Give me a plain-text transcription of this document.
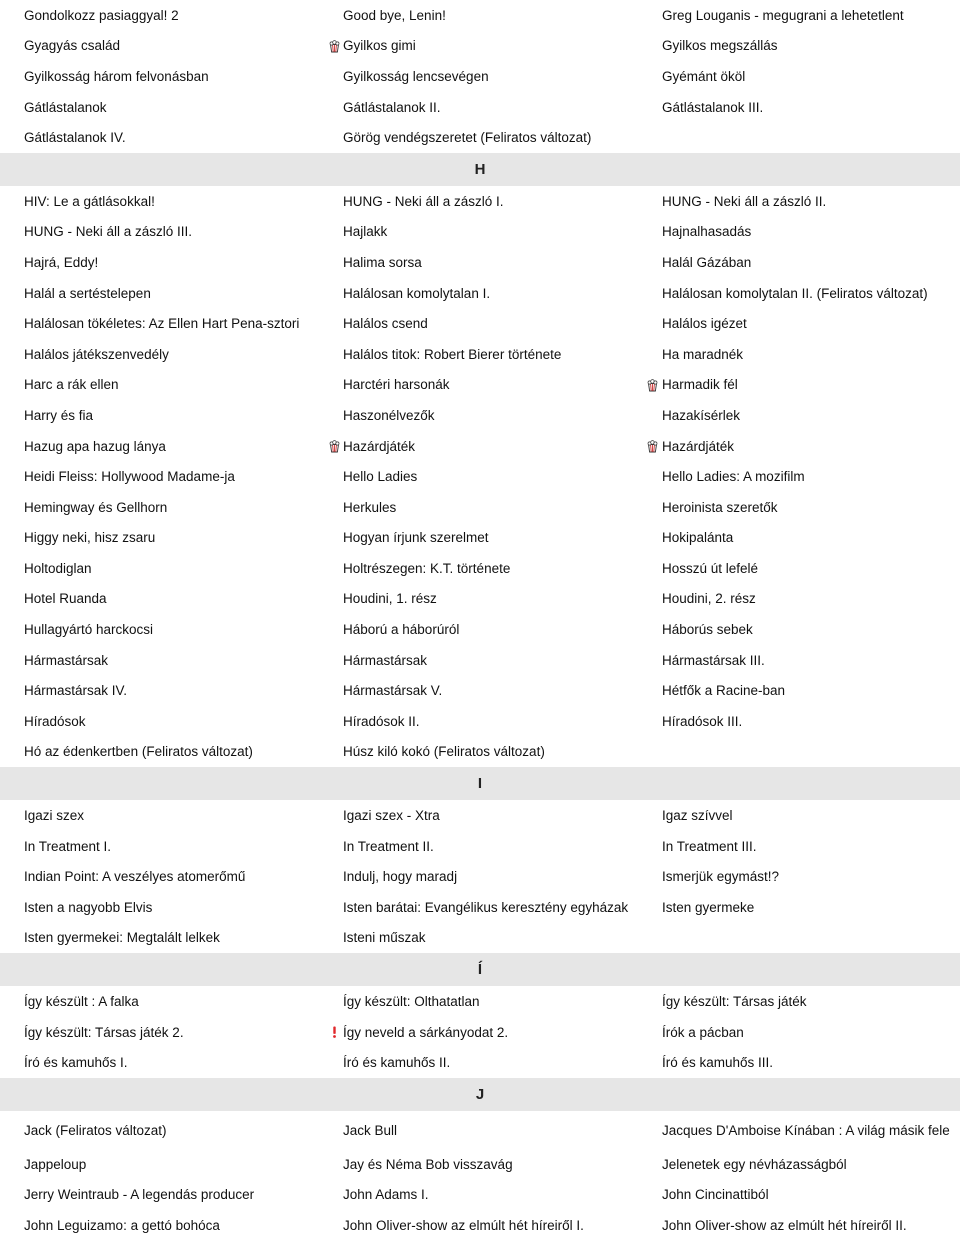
Gondolkozz pasiaggyal! 2	Good bye, Lenin!	Greg Louganis - megugrani a lehetetlent
Gyagyás család	Gyilkos gimi	Gyilkos megszállás
Gyilkosság három felvonásban	Gyilkosság lencsevégen	Gyémánt ököl
Gátlástalanok	Gátlástalanok II.	Gátlástalanok III.
Gátlástalanok IV.	Görög vendégszeretet (Feliratos változat)
H
HIV: Le a gátlásokkal!	HUNG - Neki áll a zászló I.	HUNG - Neki áll a zászló II.
HUNG - Neki áll a zászló III.	Hajlakk	Hajnalhasadás
Hajrá, Eddy!	Halima sorsa	Halál Gázában
Halál a sertéstelepen	Halálosan komolytalan I.	Halálosan komolytalan II. (Feliratos változat)
Halálosan tökéletes: Az Ellen Hart Pena-sztori	Halálos csend	Halálos igézet
Halálos játékszenvedély	Halálos titok: Robert Bierer története	Ha maradnék
Harc a rák ellen	Harctéri harsonák	Harmadik fél
Harry és fia	Haszonélvezők	Hazakísérlek
Hazug apa hazug lánya	Hazárdjáték	Hazárdjáték
Heidi Fleiss: Hollywood Madame-ja	Hello Ladies	Hello Ladies: A mozifilm
Hemingway és Gellhorn	Herkules	Heroinista szeretők
Higgy neki, hisz zsaru	Hogyan írjunk szerelmet	Hokipalánta
Holtodiglan	Holtrészegen: K.T. története	Hosszú út lefelé
Hotel Ruanda	Houdini, 1. rész	Houdini, 2. rész
Hullagyártó harckocsi	Háború a háborúról	Háborús sebek
Hármastársak	Hármastársak	Hármastársak III.
Hármastársak IV.	Hármastársak V.	Hétfők a Racine-ban
Híradósok	Híradósok II.	Híradósok III.
Hó az édenkertben (Feliratos változat)	Húsz kiló kokó (Feliratos változat)
I
Igazi szex	Igazi szex - Xtra	Igaz szívvel
In Treatment I.	In Treatment II.	In Treatment III.
Indian Point: A veszélyes atomerőmű	Indulj, hogy maradj	Ismerjük egymást!?
Isten a nagyobb Elvis	Isten barátai: Evangélikus keresztény egyházak	Isten gyermeke
Isten gyermekei: Megtalált lelkek	Isteni műszak
Í
Így készült : A falka	Így készült: Olthatatlan	Így készült: Társas játék
Így készült: Társas játék 2.	Így neveld a sárkányodat 2.	Írók a pácban
Író és kamuhős I.	Író és kamuhős II.	Író és kamuhős III.
J
Jack (Feliratos változat)	Jack Bull	Jacques D'Amboise Kínában : A világ másik fele
Jappeloup	Jay és Néma Bob visszavág	Jelenetek egy névházasságból
Jerry Weintraub - A legendás producer	John Adams I.	John Cincinattiból
John Leguizamo: a gettó bohóca	John Oliver-show az elmúlt hét híreiről I.	John Oliver-show az elmúlt hét híreiről II.
